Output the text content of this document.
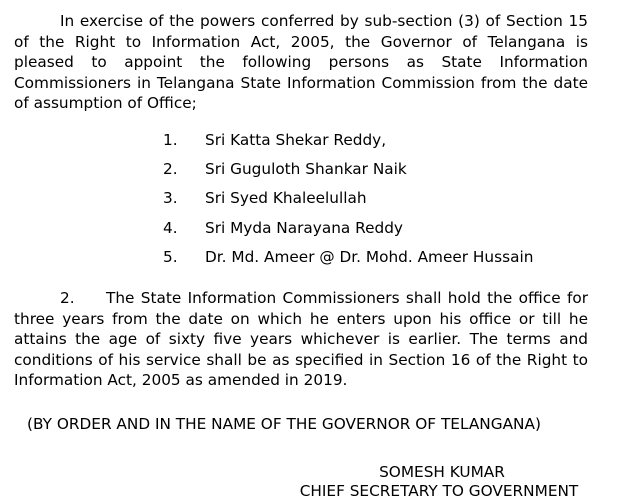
In exercise of the powers conferred by sub-section (3) of Section 15 of the Right to Information Act, 2005, the Governor of Telangana is pleased to appoint the following persons as State Information Commissioners in Telangana State Information Commission from the date of assumption of Office;

1. Sri Katta Shekar Reddy,
2. Sri Guguloth Shankar Naik
3. Sri Syed Khaleelullah
4. Sri Myda Narayana Reddy
5. Dr. Md. Ameer @ Dr. Mohd. Ameer Hussain

2. The State Information Commissioners shall hold the office for three years from the date on which he enters upon his office or till he attains the age of sixty five years whichever is earlier. The terms and conditions of his service shall be as specified in Section 16 of the Right to Information Act, 2005 as amended in 2019.

(BY ORDER AND IN THE NAME OF THE GOVERNOR OF TELANGANA)
SOMESH KUMAR
CHIEF SECRETARY TO GOVERNMENT
